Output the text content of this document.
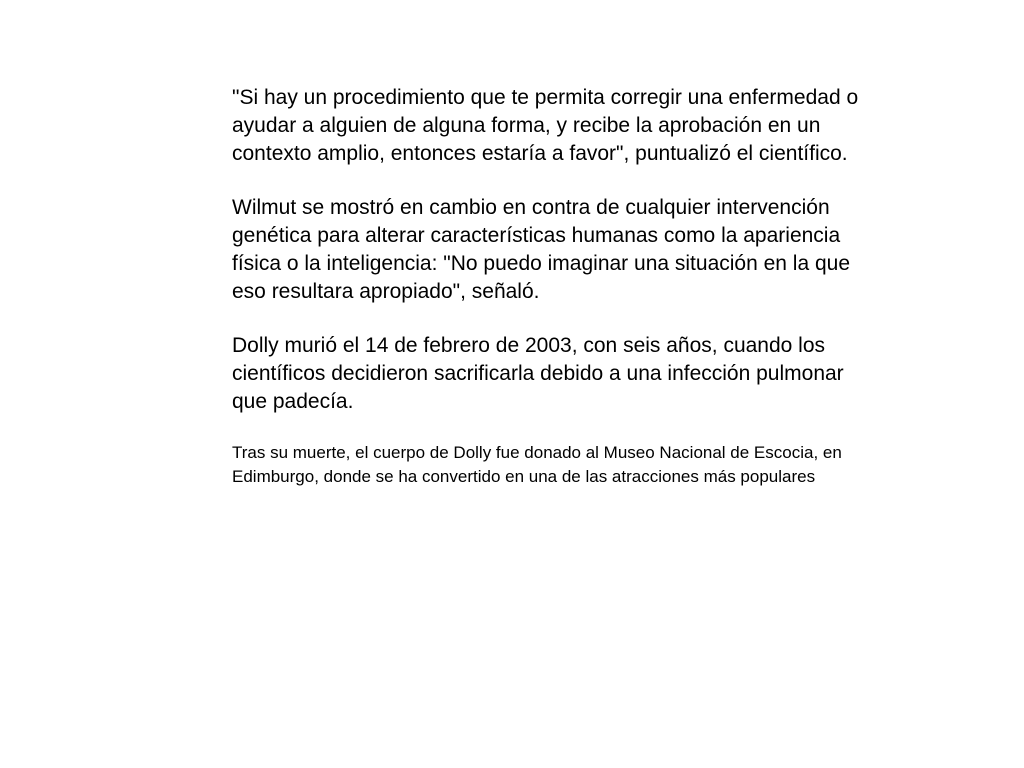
"Si hay un procedimiento que te permita corregir una enfermedad o ayudar a alguien de alguna forma, y recibe la aprobación en un contexto amplio, entonces estaría a favor", puntualizó el científico.

Wilmut se mostró en cambio en contra de cualquier intervención genética para alterar características humanas como la apariencia física o la inteligencia: "No puedo imaginar una situación en la que eso resultara apropiado", señaló.

Dolly murió el 14 de febrero de 2003, con seis años, cuando los científicos decidieron sacrificarla debido a una infección pulmonar que padecía.

Tras su muerte, el cuerpo de Dolly fue donado al Museo Nacional de Escocia, en Edimburgo, donde se ha convertido en una de las atracciones más populares
